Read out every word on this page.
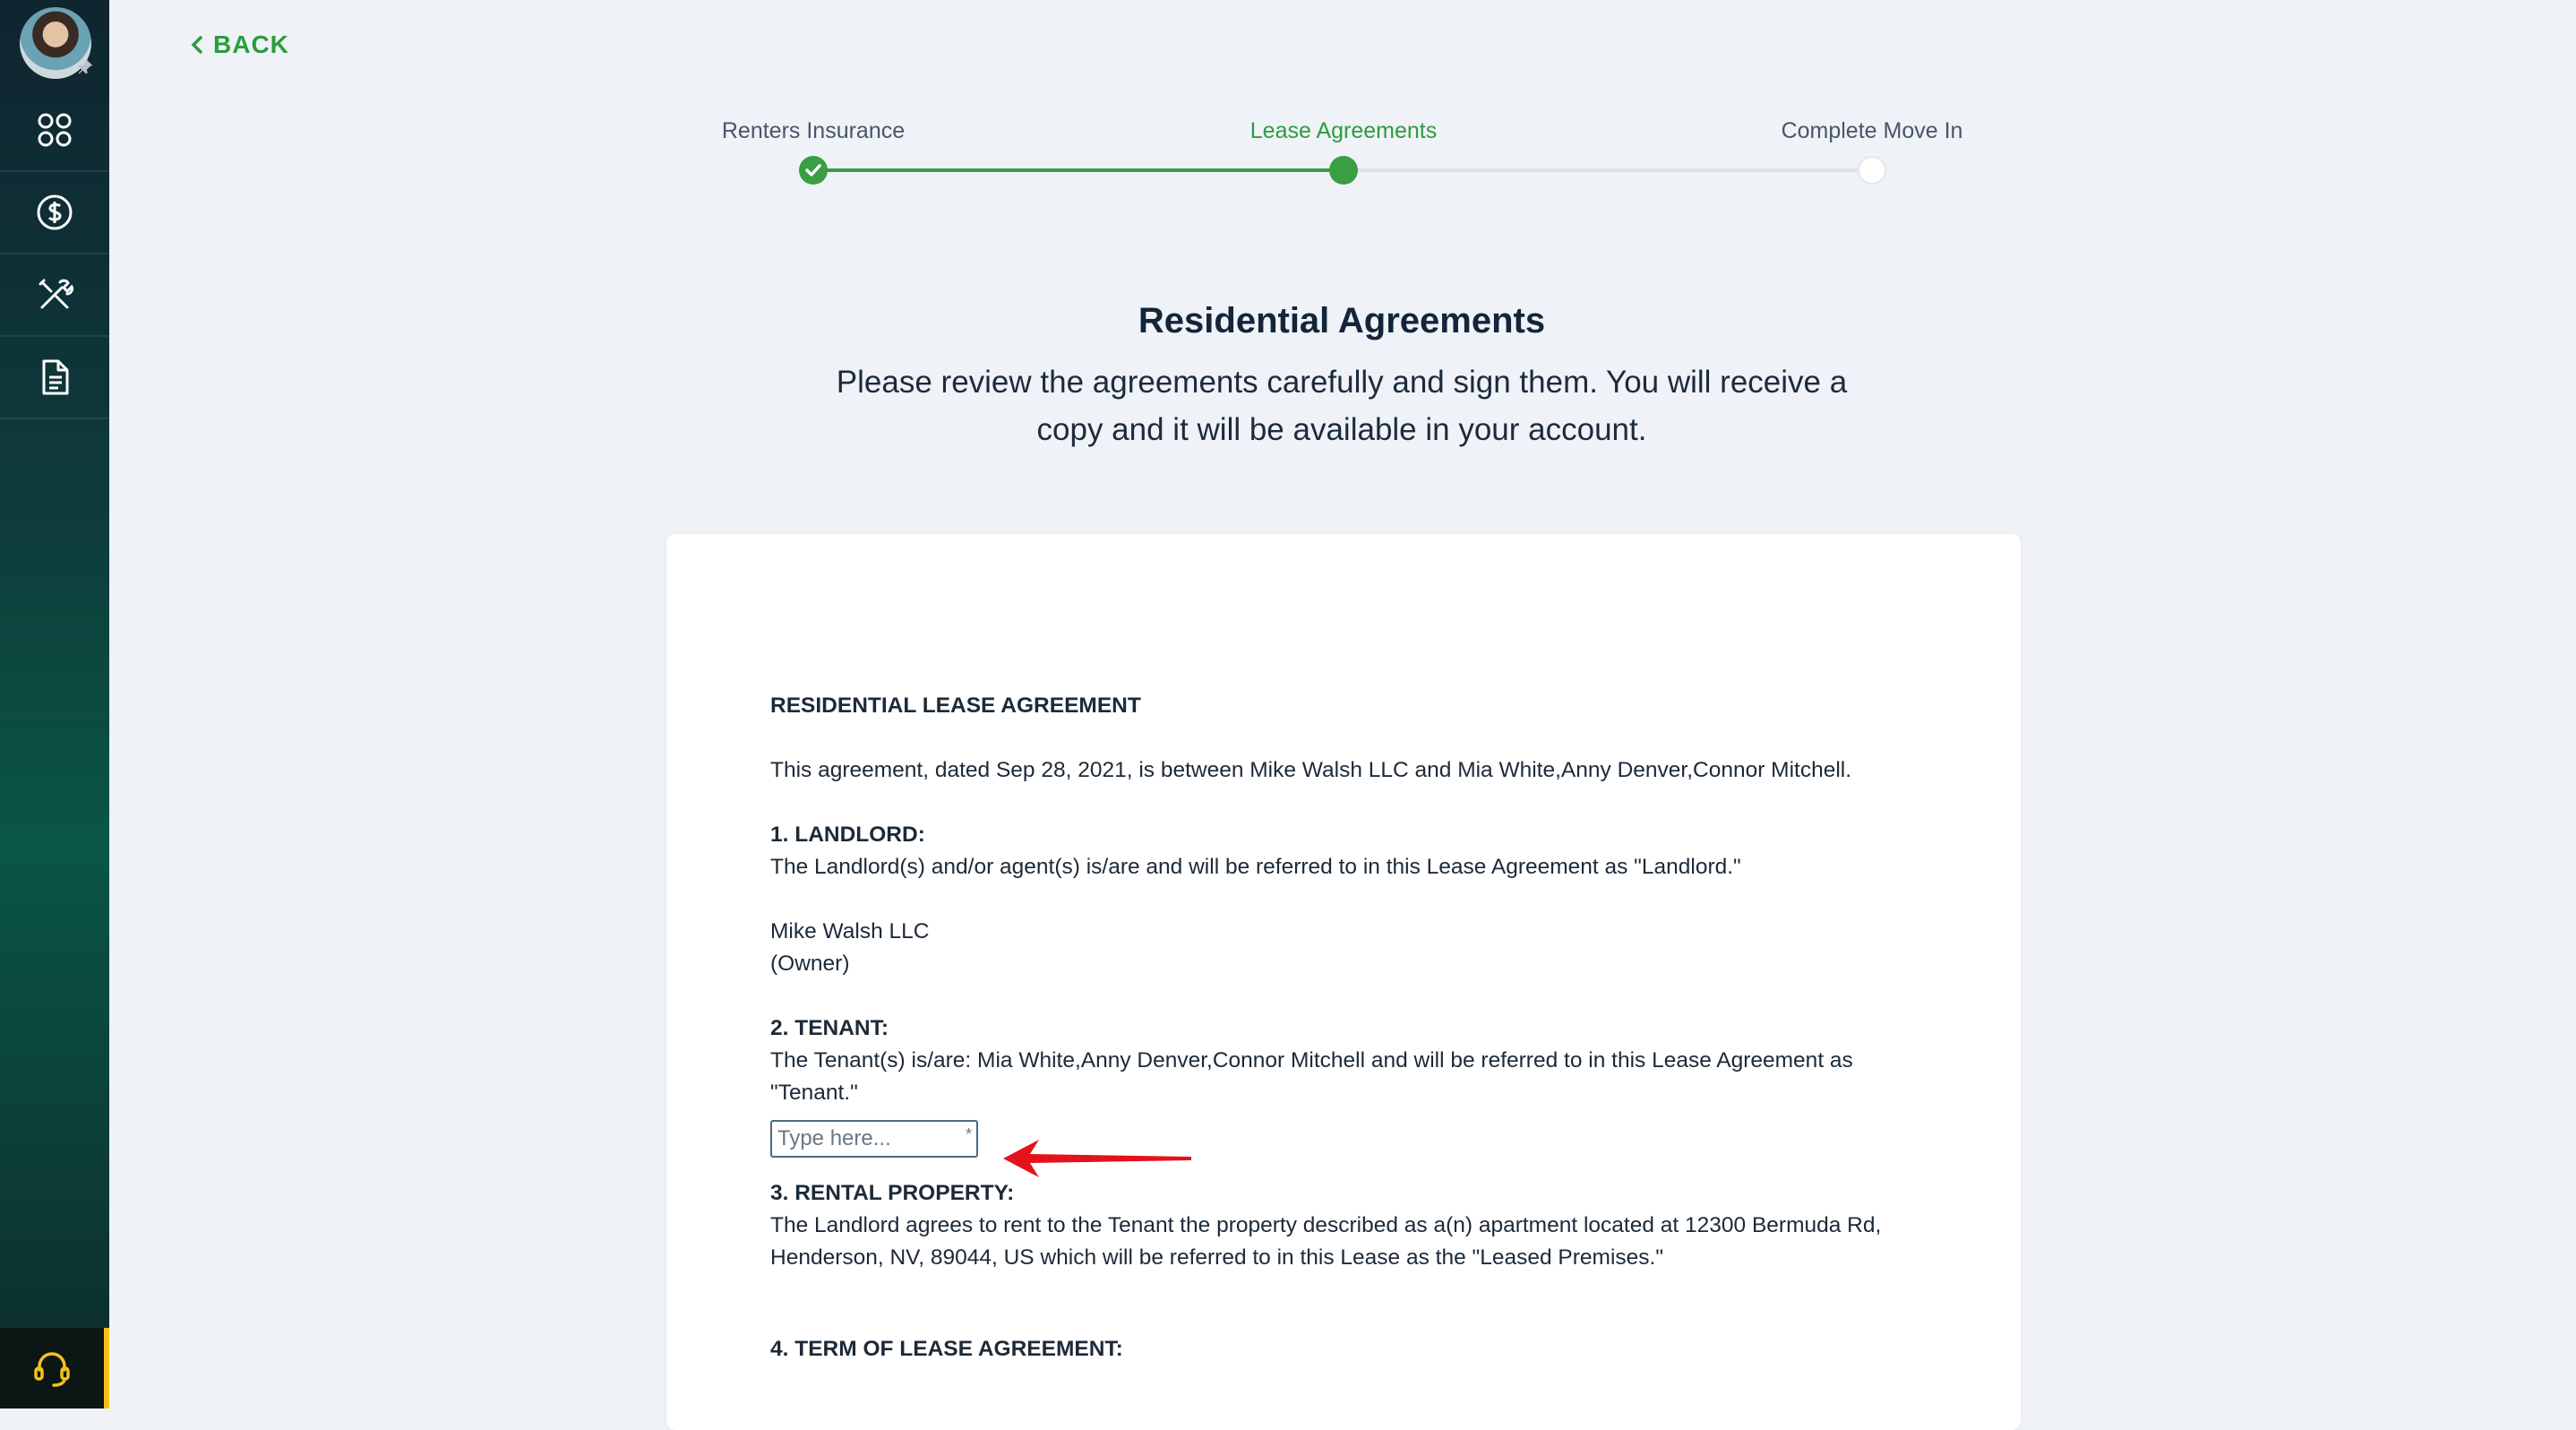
BACK
Renters Insurance	Lease Agreements	Complete Move In
Residential Agreements
Please review the agreements carefully and sign them. You will receive a copy and it will be available in your account.

RESIDENTIAL LEASE AGREEMENT

This agreement, dated Sep 28, 2021, is between Mike Walsh LLC and Mia White,Anny Denver,Connor Mitchell.

1. LANDLORD:

The Landlord(s) and/or agent(s) is/are and will be referred to in this Lease Agreement as "Landlord."

Mike Walsh LLC

(Owner)

2. TENANT:

The Tenant(s) is/are: Mia White,Anny Denver,Connor Mitchell and will be referred to in this Lease Agreement as "Tenant."

Type here...
*

3. RENTAL PROPERTY:

The Landlord agrees to rent to the Tenant the property described as a(n) apartment located at 12300 Bermuda Rd, Henderson, NV, 89044, US which will be referred to in this Lease as the "Leased Premises."

4. TERM OF LEASE AGREEMENT:
